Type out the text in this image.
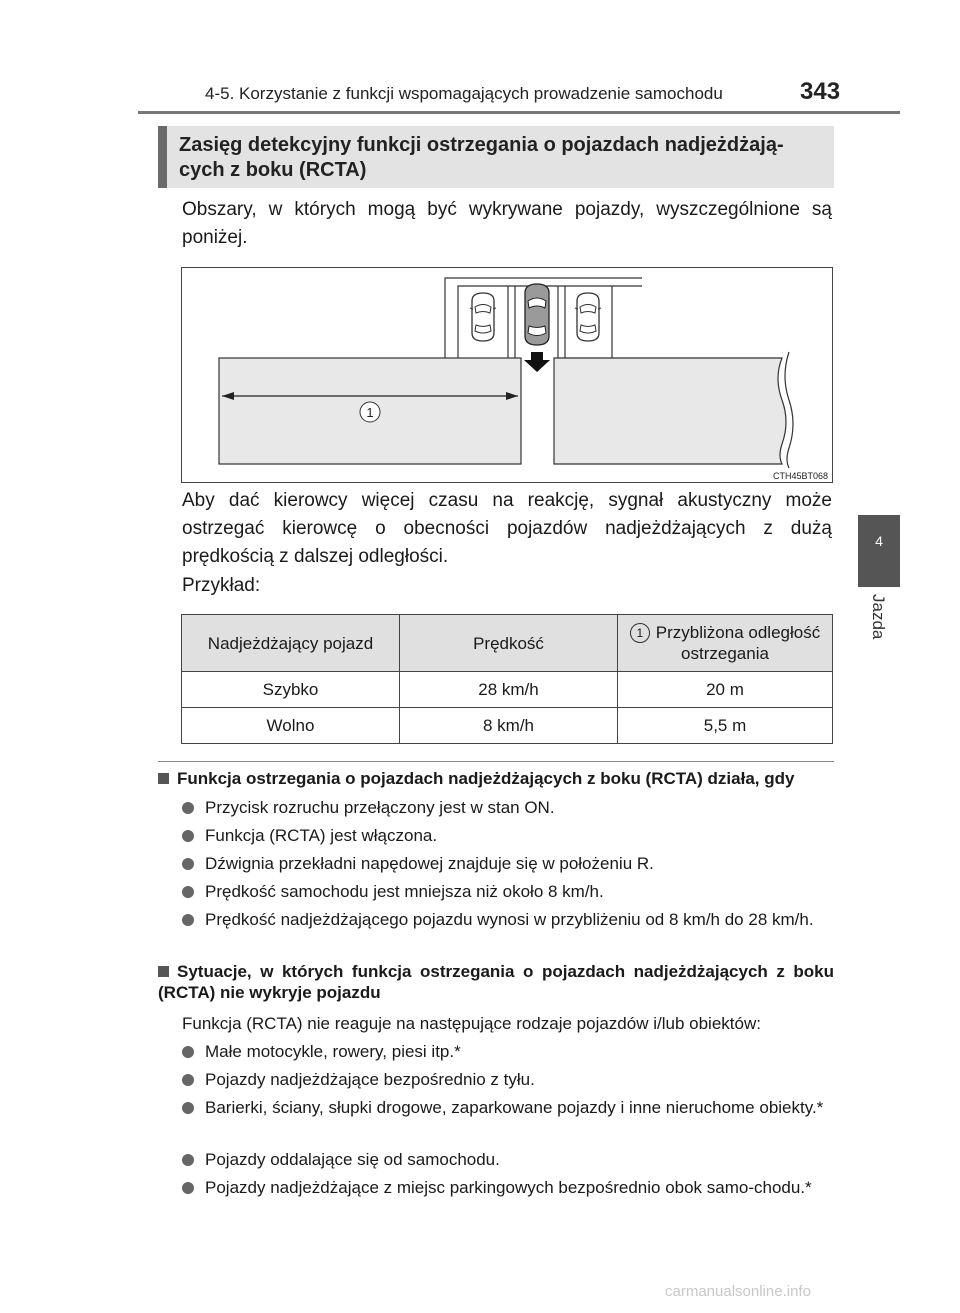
4-5. Korzystanie z funkcji wspomagających prowadzenie samochodu	343
4
Jazda
Zasięg detekcyjny funkcji ostrzegania o pojazdach nadjeżdżają-cych z boku (RCTA)
Obszary, w których mogą być wykrywane pojazdy, wyszczególnione są poniżej.
1
CTH45BT068
Aby dać kierowcy więcej czasu na reakcję, sygnał akustyczny może ostrzegać kierowcę o obecności pojazdów nadjeżdżających z dużą prędkością z dalszej odległości.
Przykład:
Nadjeżdżający pojazd	Prędkość	1 Przybliżona odległość ostrzegania
Szybko	28 km/h	20 m
Wolno	8 km/h	5,5 m
Funkcja ostrzegania o pojazdach nadjeżdżających z boku (RCTA) działa, gdy
Przycisk rozruchu przełączony jest w stan ON.
Funkcja (RCTA) jest włączona.
Dźwignia przekładni napędowej znajduje się w położeniu R.
Prędkość samochodu jest mniejsza niż około 8 km/h.
Prędkość nadjeżdżającego pojazdu wynosi w przybliżeniu od 8 km/h do 28 km/h.
Sytuacje, w których funkcja ostrzegania o pojazdach nadjeżdżających z boku (RCTA) nie wykryje pojazdu
Funkcja (RCTA) nie reaguje na następujące rodzaje pojazdów i/lub obiektów:
Małe motocykle, rowery, piesi itp.*
Pojazdy nadjeżdżające bezpośrednio z tyłu.
Barierki, ściany, słupki drogowe, zaparkowane pojazdy i inne nieruchome obiekty.*
Pojazdy oddalające się od samochodu.
Pojazdy nadjeżdżające z miejsc parkingowych bezpośrednio obok samo-chodu.*
carmanualsonline.info
